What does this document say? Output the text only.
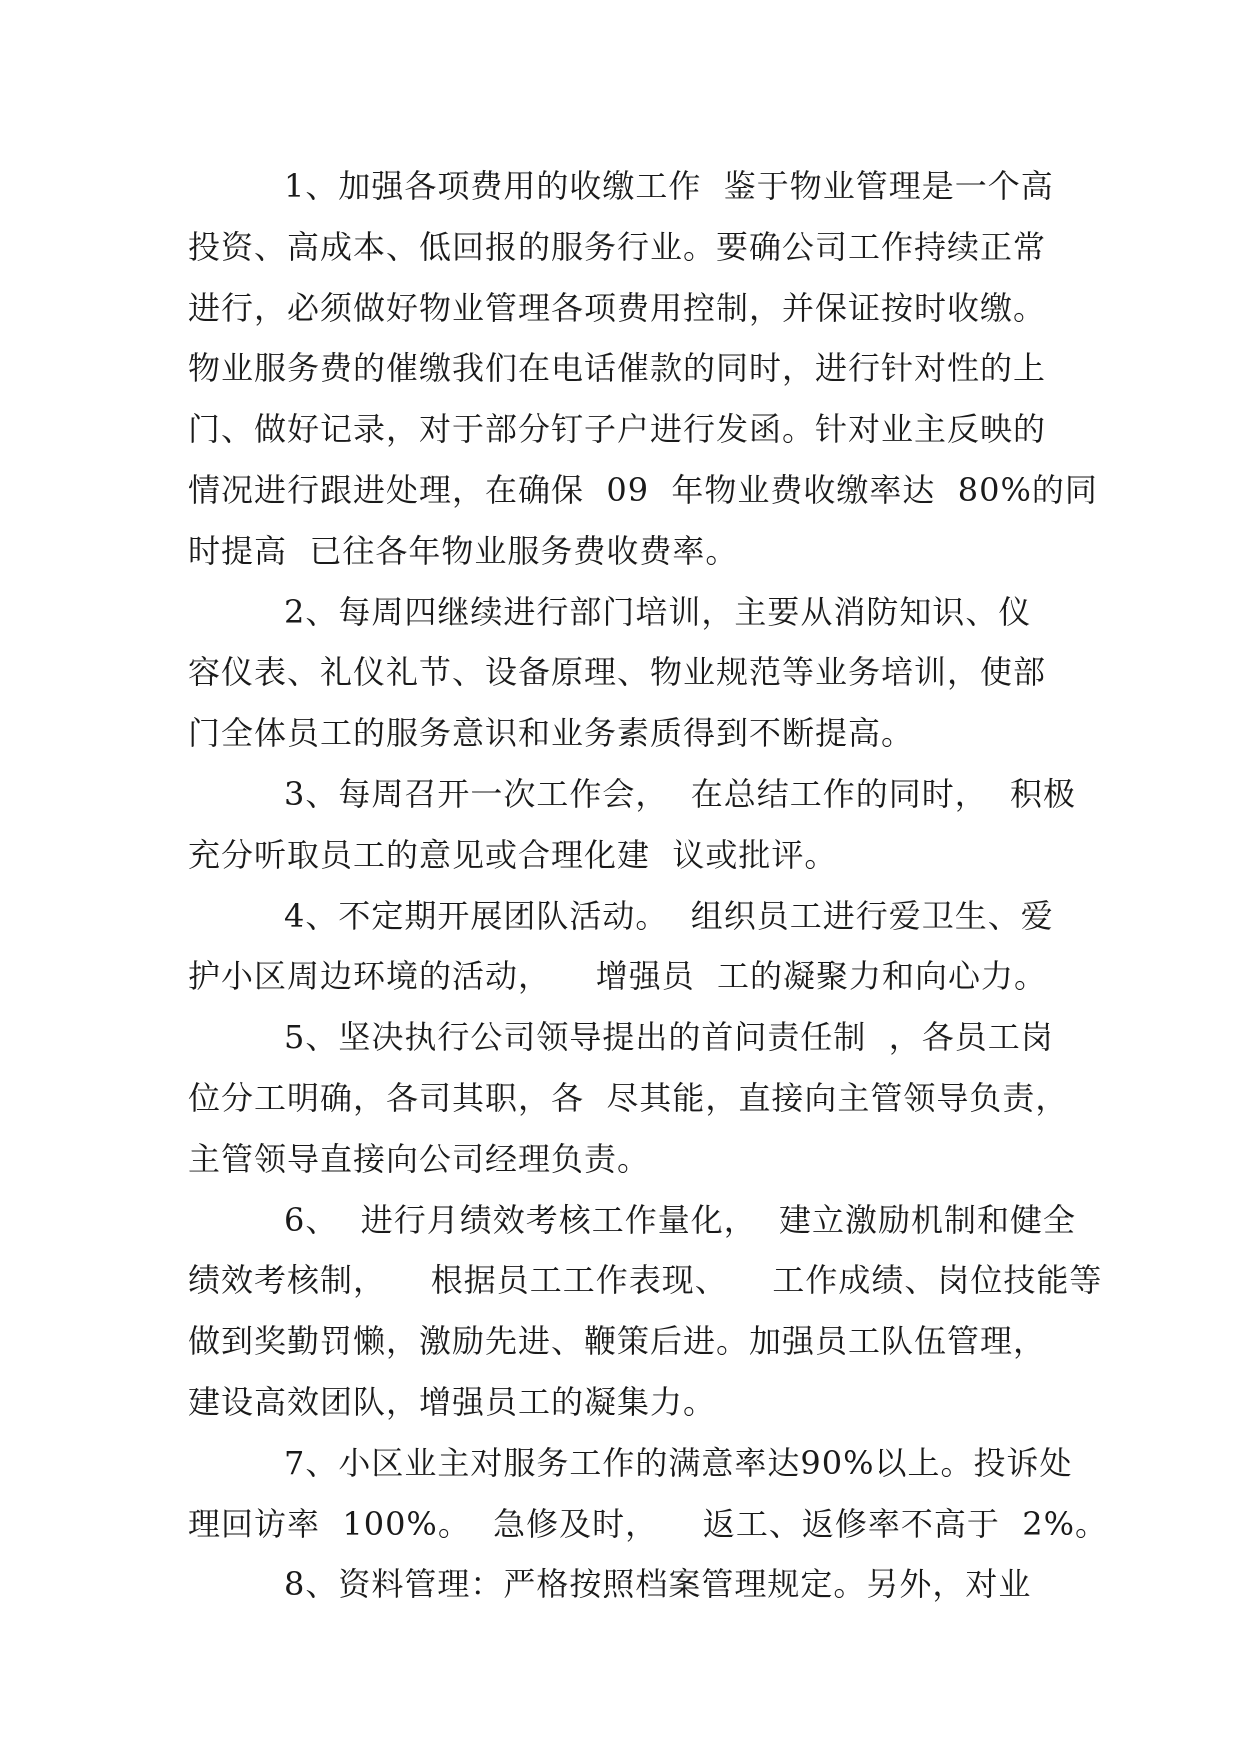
1、加强各项费用的收缴工作  鉴于物业管理是一个高
投资、高成本、低回报的服务行业。要确公司工作持续正常
进行，必须做好物业管理各项费用控制，并保证按时收缴。
物业服务费的催缴我们在电话催款的同时，进行针对性的上
门、做好记录，对于部分钉子户进行发函。针对业主反映的
情况进行跟进处理，在确保  09  年物业费收缴率达  80%的同
时提高  已往各年物业服务费收费率。
2、每周四继续进行部门培训，主要从消防知识、仪
容仪表、礼仪礼节、设备原理、物业规范等业务培训，使部
门全体员工的服务意识和业务素质得到不断提高。
3、每周召开一次工作会，  在总结工作的同时，  积极
充分听取员工的意见或合理化建  议或批评。
4、不定期开展团队活动。  组织员工进行爱卫生、爱
护小区周边环境的活动，    增强员  工的凝聚力和向心力。
5、坚决执行公司领导提出的首问责任制  ，各员工岗
位分工明确，各司其职，各  尽其能，直接向主管领导负责，
主管领导直接向公司经理负责。
6、  进行月绩效考核工作量化，  建立激励机制和健全
绩效考核制，    根据员工工作表现、    工作成绩、岗位技能等
做到奖勤罚懒，激励先进、鞭策后进。加强员工队伍管理，
建设高效团队，增强员工的凝集力。
7、小区业主对服务工作的满意率达90%以上。投诉处
理回访率  100%。  急修及时，    返工、返修率不高于  2%。
8、资料管理：严格按照档案管理规定。另外，对业
